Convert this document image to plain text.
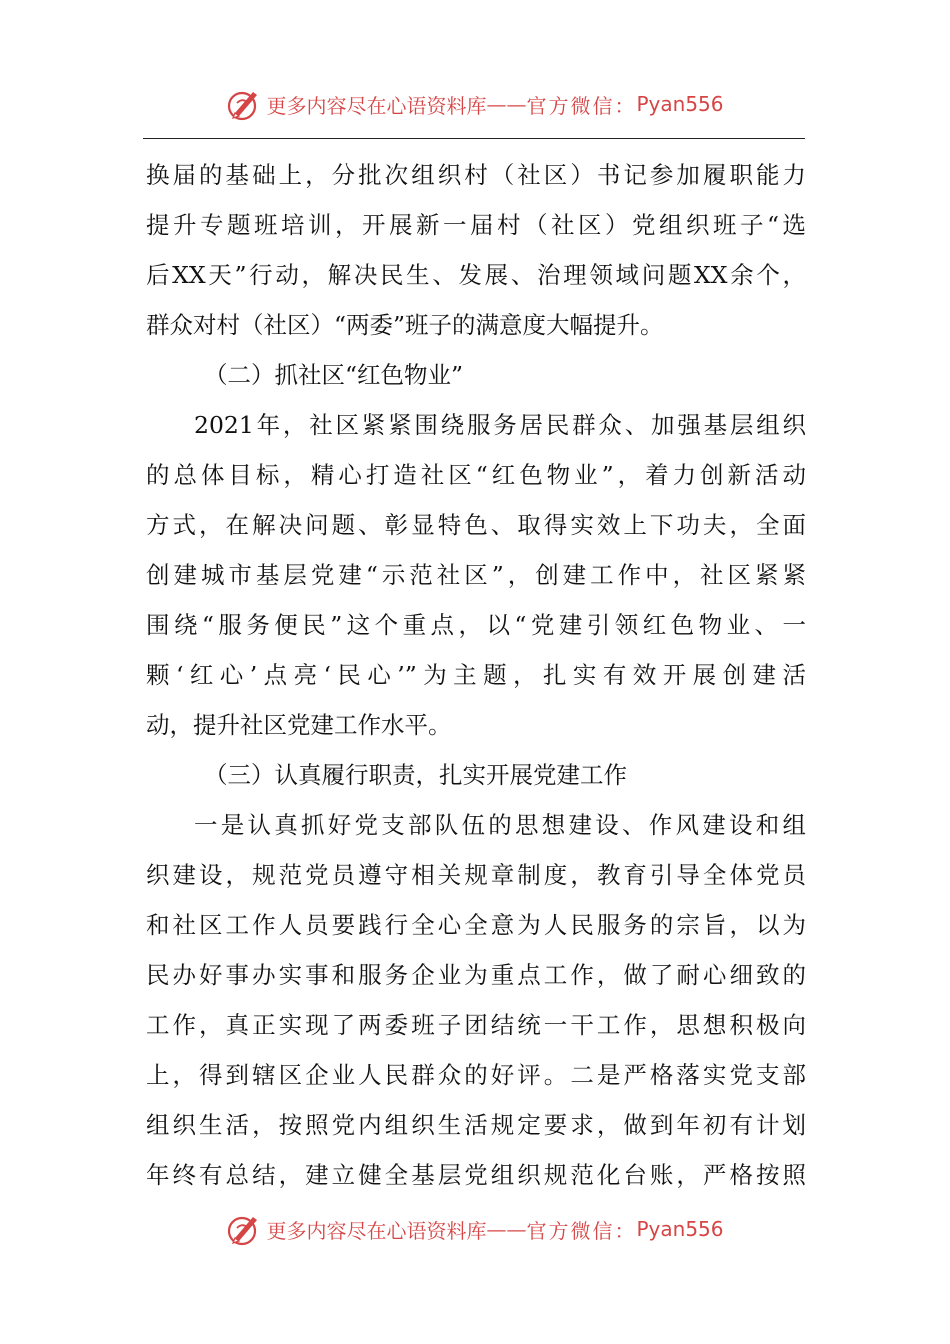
更多内容尽在心语资料库 —— 官方微信： Pyan556
换届的基础上，分批次组织村（社区）书记参加履职能力
提升专题班培训，开展新一届村（社区）党组织班子“选
后XX天”行动，解决民生、发展、治理领域问题XX余个，
群众对村（社区）“两委”班子的满意度大幅提升。
（二）抓社区“红色物业”
2021年，社区紧紧围绕服务居民群众、加强基层组织
的总体目标，精心打造社区“红色物业”，着力创新活动
方式，在解决问题、彰显特色、取得实效上下功夫，全面
创建城市基层党建“示范社区”，创建工作中，社区紧紧
围绕“服务便民”这个重点，以“党建引领红色物业、一
颗‘红心’点亮‘民心’”为主题，扎实有效开展创建活
动，提升社区党建工作水平。
（三）认真履行职责，扎实开展党建工作
一是认真抓好党支部队伍的思想建设、作风建设和组
织建设，规范党员遵守相关规章制度，教育引导全体党员
和社区工作人员要践行全心全意为人民服务的宗旨，以为
民办好事办实事和服务企业为重点工作，做了耐心细致的
工作，真正实现了两委班子团结统一干工作，思想积极向
上，得到辖区企业人民群众的好评。二是严格落实党支部
组织生活，按照党内组织生活规定要求，做到年初有计划
年终有总结，建立健全基层党组织规范化台账，严格按照
更多内容尽在心语资料库 —— 官方微信： Pyan556
